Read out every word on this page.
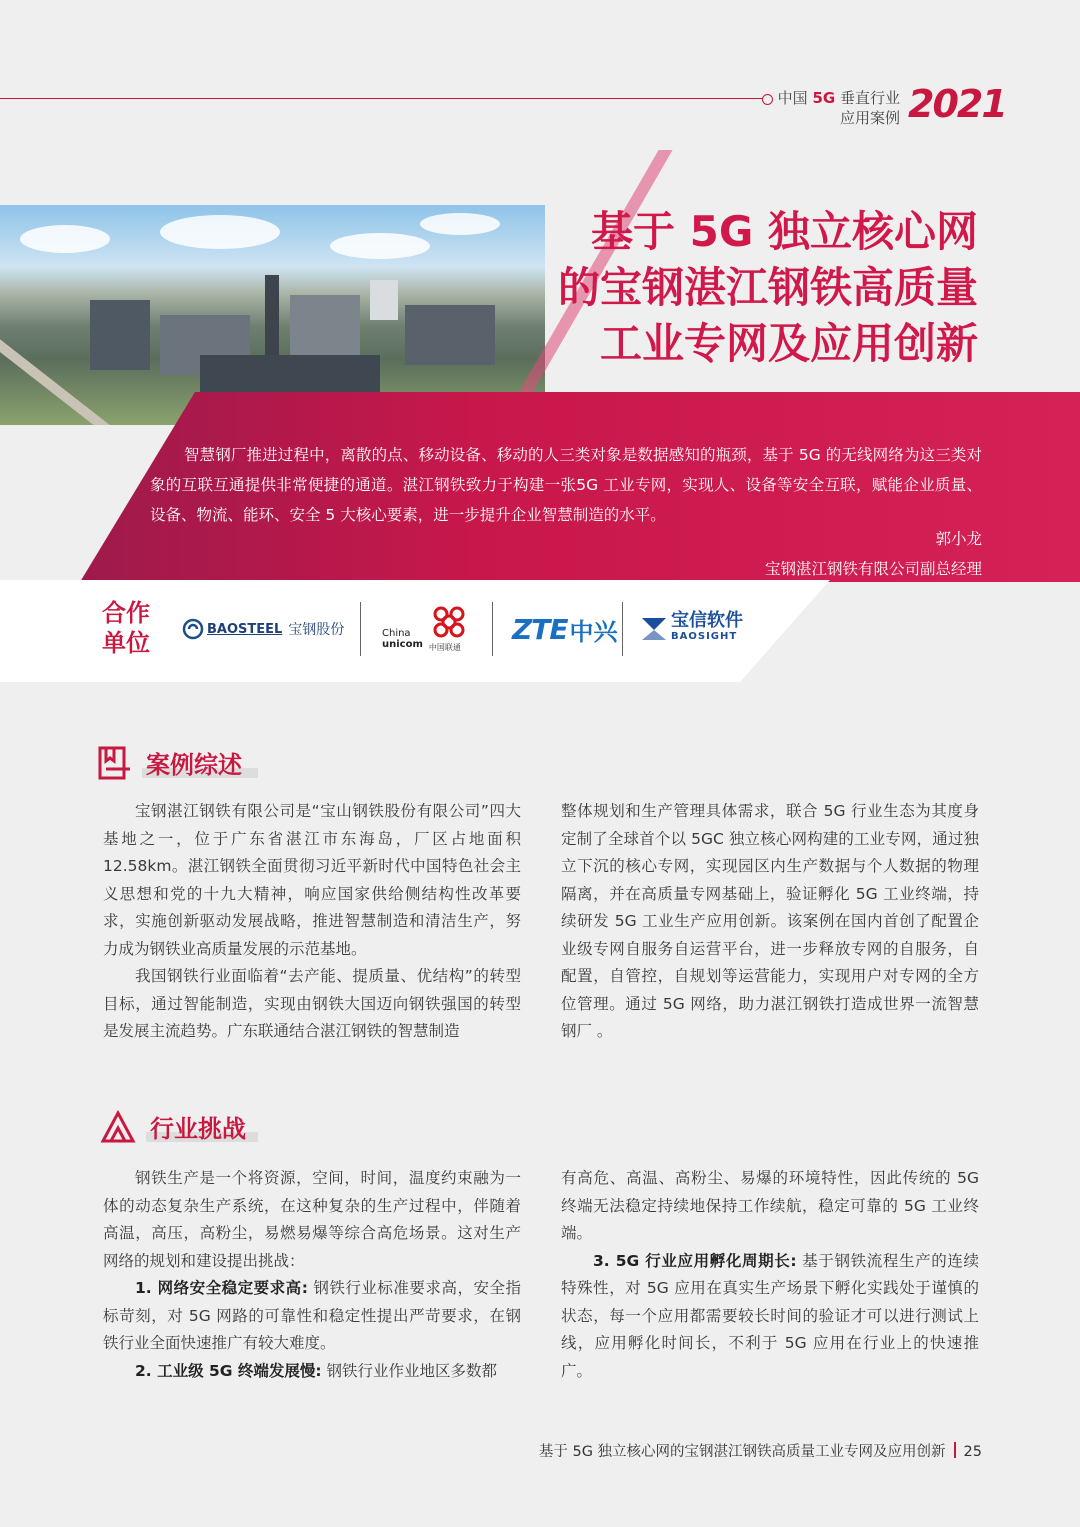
中国 5G 垂直行业
应用案例 2021
基于 5G 独立核心网
的宝钢湛江钢铁高质量
工业专网及应用创新
智慧钢厂推进过程中，离散的点、移动设备、移动的人三类对象是数据感知的瓶颈，基于 5G 的无线网络为这三类对象的互联互通提供非常便捷的通道。湛江钢铁致力于构建一张5G 工业专网，实现人、设备等安全互联，赋能企业质量、设备、物流、能环、安全 5 大核心要素，进一步提升企业智慧制造的水平。
郭小龙
宝钢湛江钢铁有限公司副总经理
合作
单位	BAOSTEEL 宝钢股份	China
unicom 中国联通
ZTE 中兴	宝信软件
BAOSIGHT
案例综述

宝钢湛江钢铁有限公司是“宝山钢铁股份有限公司”四大基地之一，位于广东省湛江市东海岛，厂区占地面积 12.58km。湛江钢铁全面贯彻习近平新时代中国特色社会主义思想和党的十九大精神，响应国家供给侧结构性改革要求，实施创新驱动发展战略，推进智慧制造和清洁生产，努力成为钢铁业高质量发展的示范基地。

我国钢铁行业面临着“去产能、提质量、优结构”的转型目标，通过智能制造，实现由钢铁大国迈向钢铁强国的转型是发展主流趋势。广东联通结合湛江钢铁的智慧制造

整体规划和生产管理具体需求，联合 5G 行业生态为其度身定制了全球首个以 5GC 独立核心网构建的工业专网，通过独立下沉的核心专网，实现园区内生产数据与个人数据的物理隔离，并在高质量专网基础上，验证孵化 5G 工业终端，持续研发 5G 工业生产应用创新。该案例在国内首创了配置企业级专网自服务自运营平台，进一步释放专网的自服务，自配置，自管控，自规划等运营能力，实现用户对专网的全方位管理。通过 5G 网络，助力湛江钢铁打造成世界一流智慧钢厂 。

行业挑战

钢铁生产是一个将资源，空间，时间，温度约束融为一体的动态复杂生产系统，在这种复杂的生产过程中，伴随着高温，高压，高粉尘，易燃易爆等综合高危场景。这对生产网络的规划和建设提出挑战：

1. 网络安全稳定要求高: 钢铁行业标准要求高，安全指标苛刻，对 5G 网路的可靠性和稳定性提出严苛要求，在钢铁行业全面快速推广有较大难度。

2. 工业级 5G 终端发展慢: 钢铁行业作业地区多数都

有高危、高温、高粉尘、易爆的环境特性，因此传统的 5G 终端无法稳定持续地保持工作续航，稳定可靠的 5G 工业终端。

3. 5G 行业应用孵化周期长: 基于钢铁流程生产的连续特殊性，对 5G 应用在真实生产场景下孵化实践处于谨慎的状态，每一个应用都需要较长时间的验证才可以进行测试上线，应用孵化时间长，不利于 5G 应用在行业上的快速推广。

基于 5G 独立核心网的宝钢湛江钢铁高质量工业专网及应用创新 25
